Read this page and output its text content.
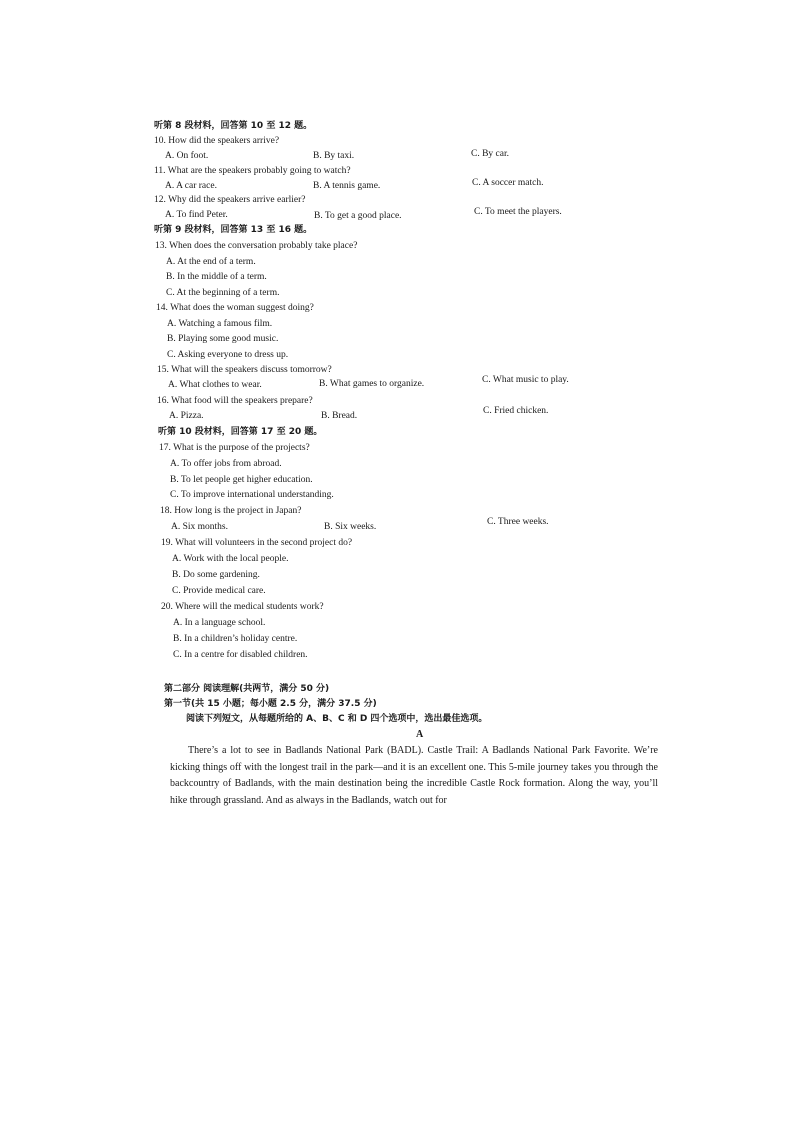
听第 8 段材料，回答第 10 至 12 题。
10. How did the speakers arrive?
A. On foot.	B. By taxi.	C. By car.
11. What are the speakers probably going to watch?
A. A car race.	B. A tennis game.	C. A soccer match.
12. Why did the speakers arrive earlier?
A. To find Peter.	B. To get a good place.	C. To meet the players.
听第 9 段材料，回答第 13 至 16 题。
13. When does the conversation probably take place?
A. At the end of a term.
B. In the middle of a term.
C. At the beginning of a term.
14. What does the woman suggest doing?
A. Watching a famous film.
B. Playing some good music.
C. Asking everyone to dress up.
15. What will the speakers discuss tomorrow?
A. What clothes to wear.	B. What games to organize.	C. What music to play.
16. What food will the speakers prepare?
A. Pizza.	B. Bread.	C. Fried chicken.
听第 10 段材料，回答第 17 至 20 题。
17. What is the purpose of the projects?
A. To offer jobs from abroad.
B. To let people get higher education.
C. To improve international understanding.
18. How long is the project in Japan?
A. Six months.	B. Six weeks.	C. Three weeks.
19. What will volunteers in the second project do?
A. Work with the local people.
B. Do some gardening.
C. Provide medical care.
20. Where will the medical students work?
A. In a language school.
B. In a children’s holiday centre.
C. In a centre for disabled children.
第二部分 阅读理解(共两节，满分 50 分)
第一节(共 15 小题；每小题 2.5 分，满分 37.5 分)
阅读下列短文，从每题所给的 A、B、C 和 D 四个选项中，选出最佳选项。
A

There’s a lot to see in Badlands National Park (BADL). Castle Trail: A Badlands National Park Favorite. We’re kicking things off with the longest trail in the park—and it is an excellent one. This 5-mile journey takes you through the backcountry of Badlands, with the main destination being the incredible Castle Rock formation. Along the way, you’ll hike through grassland. And as always in the Badlands, watch out for
